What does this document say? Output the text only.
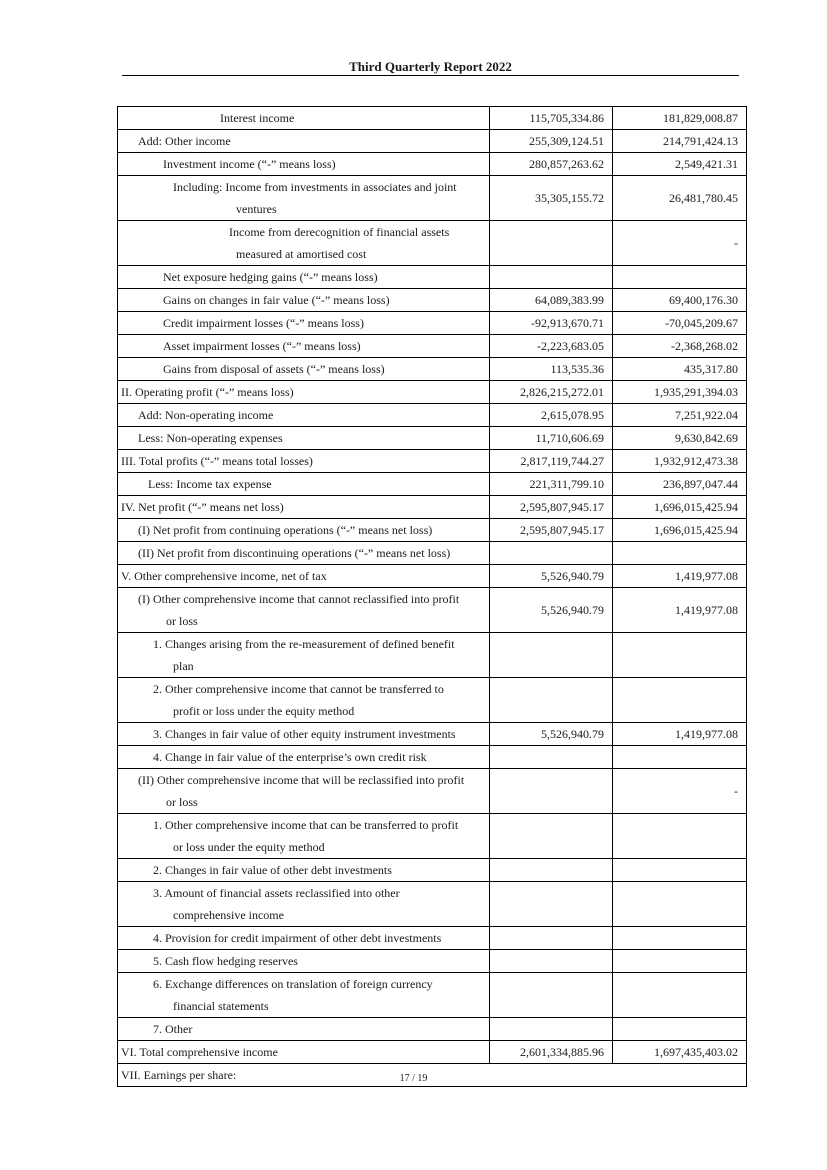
Third Quarterly Report 2022
Interest income	115,705,334.86	181,829,008.87

Add: Other income	255,309,124.51	214,791,424.13

Investment income (“-” means loss)	280,857,263.62	2,549,421.31

Including: Income from investments in associates and joint
ventures	35,305,155.72	26,481,780.45

Income from derecognition of financial assets
measured at amortised cost		-

Net exposure hedging gains (“-” means loss)		

Gains on changes in fair value (“-” means loss)	64,089,383.99	69,400,176.30

Credit impairment losses (“-” means loss)	-92,913,670.71	-70,045,209.67

Asset impairment losses (“-” means loss)	-2,223,683.05	-2,368,268.02

Gains from disposal of assets (“-” means loss)	113,535.36	435,317.80

II. Operating profit (“-” means loss)	2,826,215,272.01	1,935,291,394.03

Add: Non-operating income	2,615,078.95	7,251,922.04

Less: Non-operating expenses	11,710,606.69	9,630,842.69

III. Total profits (“-” means total losses)	2,817,119,744.27	1,932,912,473.38

Less: Income tax expense	221,311,799.10	236,897,047.44

IV. Net profit (“-” means net loss)	2,595,807,945.17	1,696,015,425.94

(I) Net profit from continuing operations (“-” means net loss)	2,595,807,945.17	1,696,015,425.94

(II) Net profit from discontinuing operations (“-” means net loss)		

V. Other comprehensive income, net of tax	5,526,940.79	1,419,977.08

(I) Other comprehensive income that cannot reclassified into profit
or loss	5,526,940.79	1,419,977.08

1. Changes arising from the re-measurement of defined benefit
plan		

2. Other comprehensive income that cannot be transferred to
profit or loss under the equity method		

3. Changes in fair value of other equity instrument investments	5,526,940.79	1,419,977.08

4. Change in fair value of the enterprise’s own credit risk		

(II) Other comprehensive income that will be reclassified into profit
or loss		-

1. Other comprehensive income that can be transferred to profit
or loss under the equity method		

2. Changes in fair value of other debt investments		

3. Amount of financial assets reclassified into other
comprehensive income		

4. Provision for credit impairment of other debt investments		

5. Cash flow hedging reserves		

6. Exchange differences on translation of foreign currency
financial statements		

7. Other		

VI. Total comprehensive income	2,601,334,885.96	1,697,435,403.02

VII. Earnings per share:			17 / 19
